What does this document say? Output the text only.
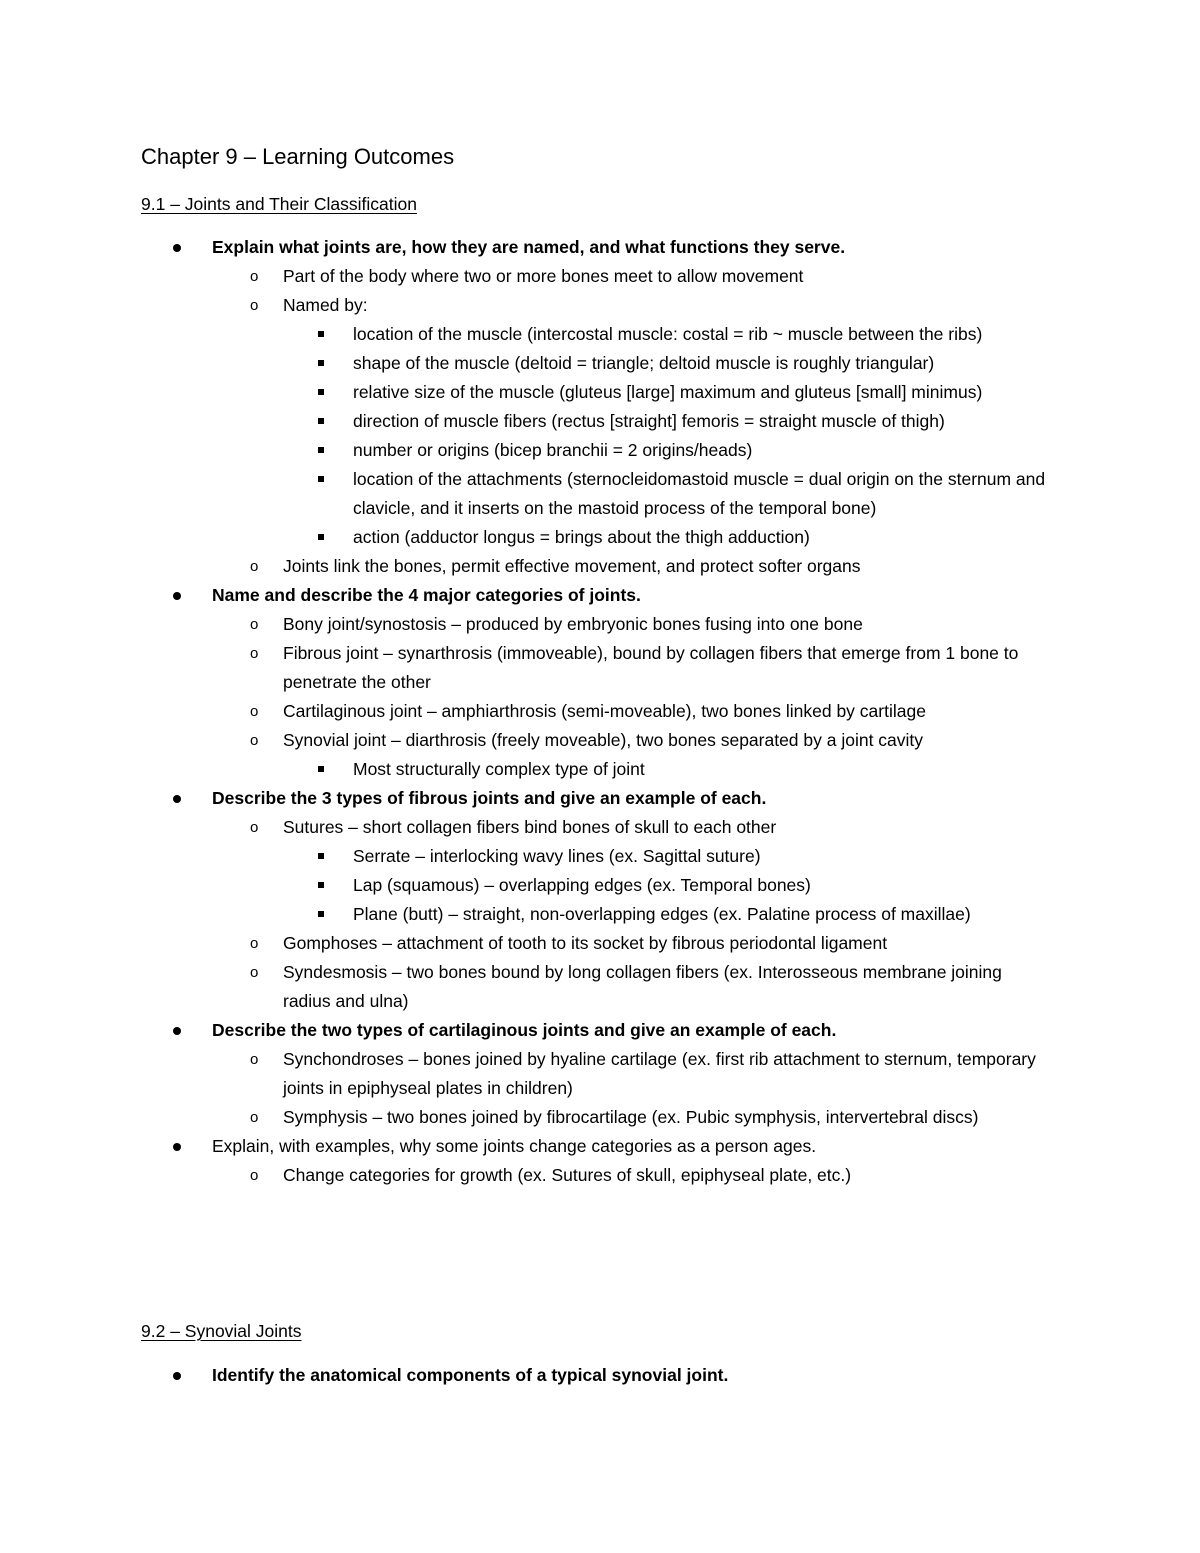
Chapter 9 – Learning Outcomes
9.1 – Joints and Their Classification
Explain what joints are, how they are named, and what functions they serve.
o Part of the body where two or more bones meet to allow movement
o Named by:
location of the muscle (intercostal muscle: costal = rib ~ muscle between the ribs)
shape of the muscle (deltoid = triangle; deltoid muscle is roughly triangular)
relative size of the muscle (gluteus [large] maximum and gluteus [small] minimus)
direction of muscle fibers (rectus [straight] femoris = straight muscle of thigh)
number or origins (bicep branchii = 2 origins/heads)
location of the attachments (sternocleidomastoid muscle = dual origin on the sternum and clavicle, and it inserts on the mastoid process of the temporal bone)
action (adductor longus = brings about the thigh adduction)
o Joints link the bones, permit effective movement, and protect softer organs
Name and describe the 4 major categories of joints.
o Bony joint/synostosis – produced by embryonic bones fusing into one bone
o Fibrous joint – synarthrosis (immoveable), bound by collagen fibers that emerge from 1 bone to penetrate the other
o Cartilaginous joint – amphiarthrosis (semi-moveable), two bones linked by cartilage
o Synovial joint – diarthrosis (freely moveable), two bones separated by a joint cavity
Most structurally complex type of joint
Describe the 3 types of fibrous joints and give an example of each.
o Sutures – short collagen fibers bind bones of skull to each other
Serrate – interlocking wavy lines (ex. Sagittal suture)
Lap (squamous) – overlapping edges (ex. Temporal bones)
Plane (butt) – straight, non-overlapping edges (ex. Palatine process of maxillae)
o Gomphoses – attachment of tooth to its socket by fibrous periodontal ligament
o Syndesmosis – two bones bound by long collagen fibers (ex. Interosseous membrane joining radius and ulna)
Describe the two types of cartilaginous joints and give an example of each.
o Synchondroses – bones joined by hyaline cartilage (ex. first rib attachment to sternum, temporary joints in epiphyseal plates in children)
o Symphysis – two bones joined by fibrocartilage (ex. Pubic symphysis, intervertebral discs)
Explain, with examples, why some joints change categories as a person ages.
o Change categories for growth (ex. Sutures of skull, epiphyseal plate, etc.)
9.2 – Synovial Joints
Identify the anatomical components of a typical synovial joint.
